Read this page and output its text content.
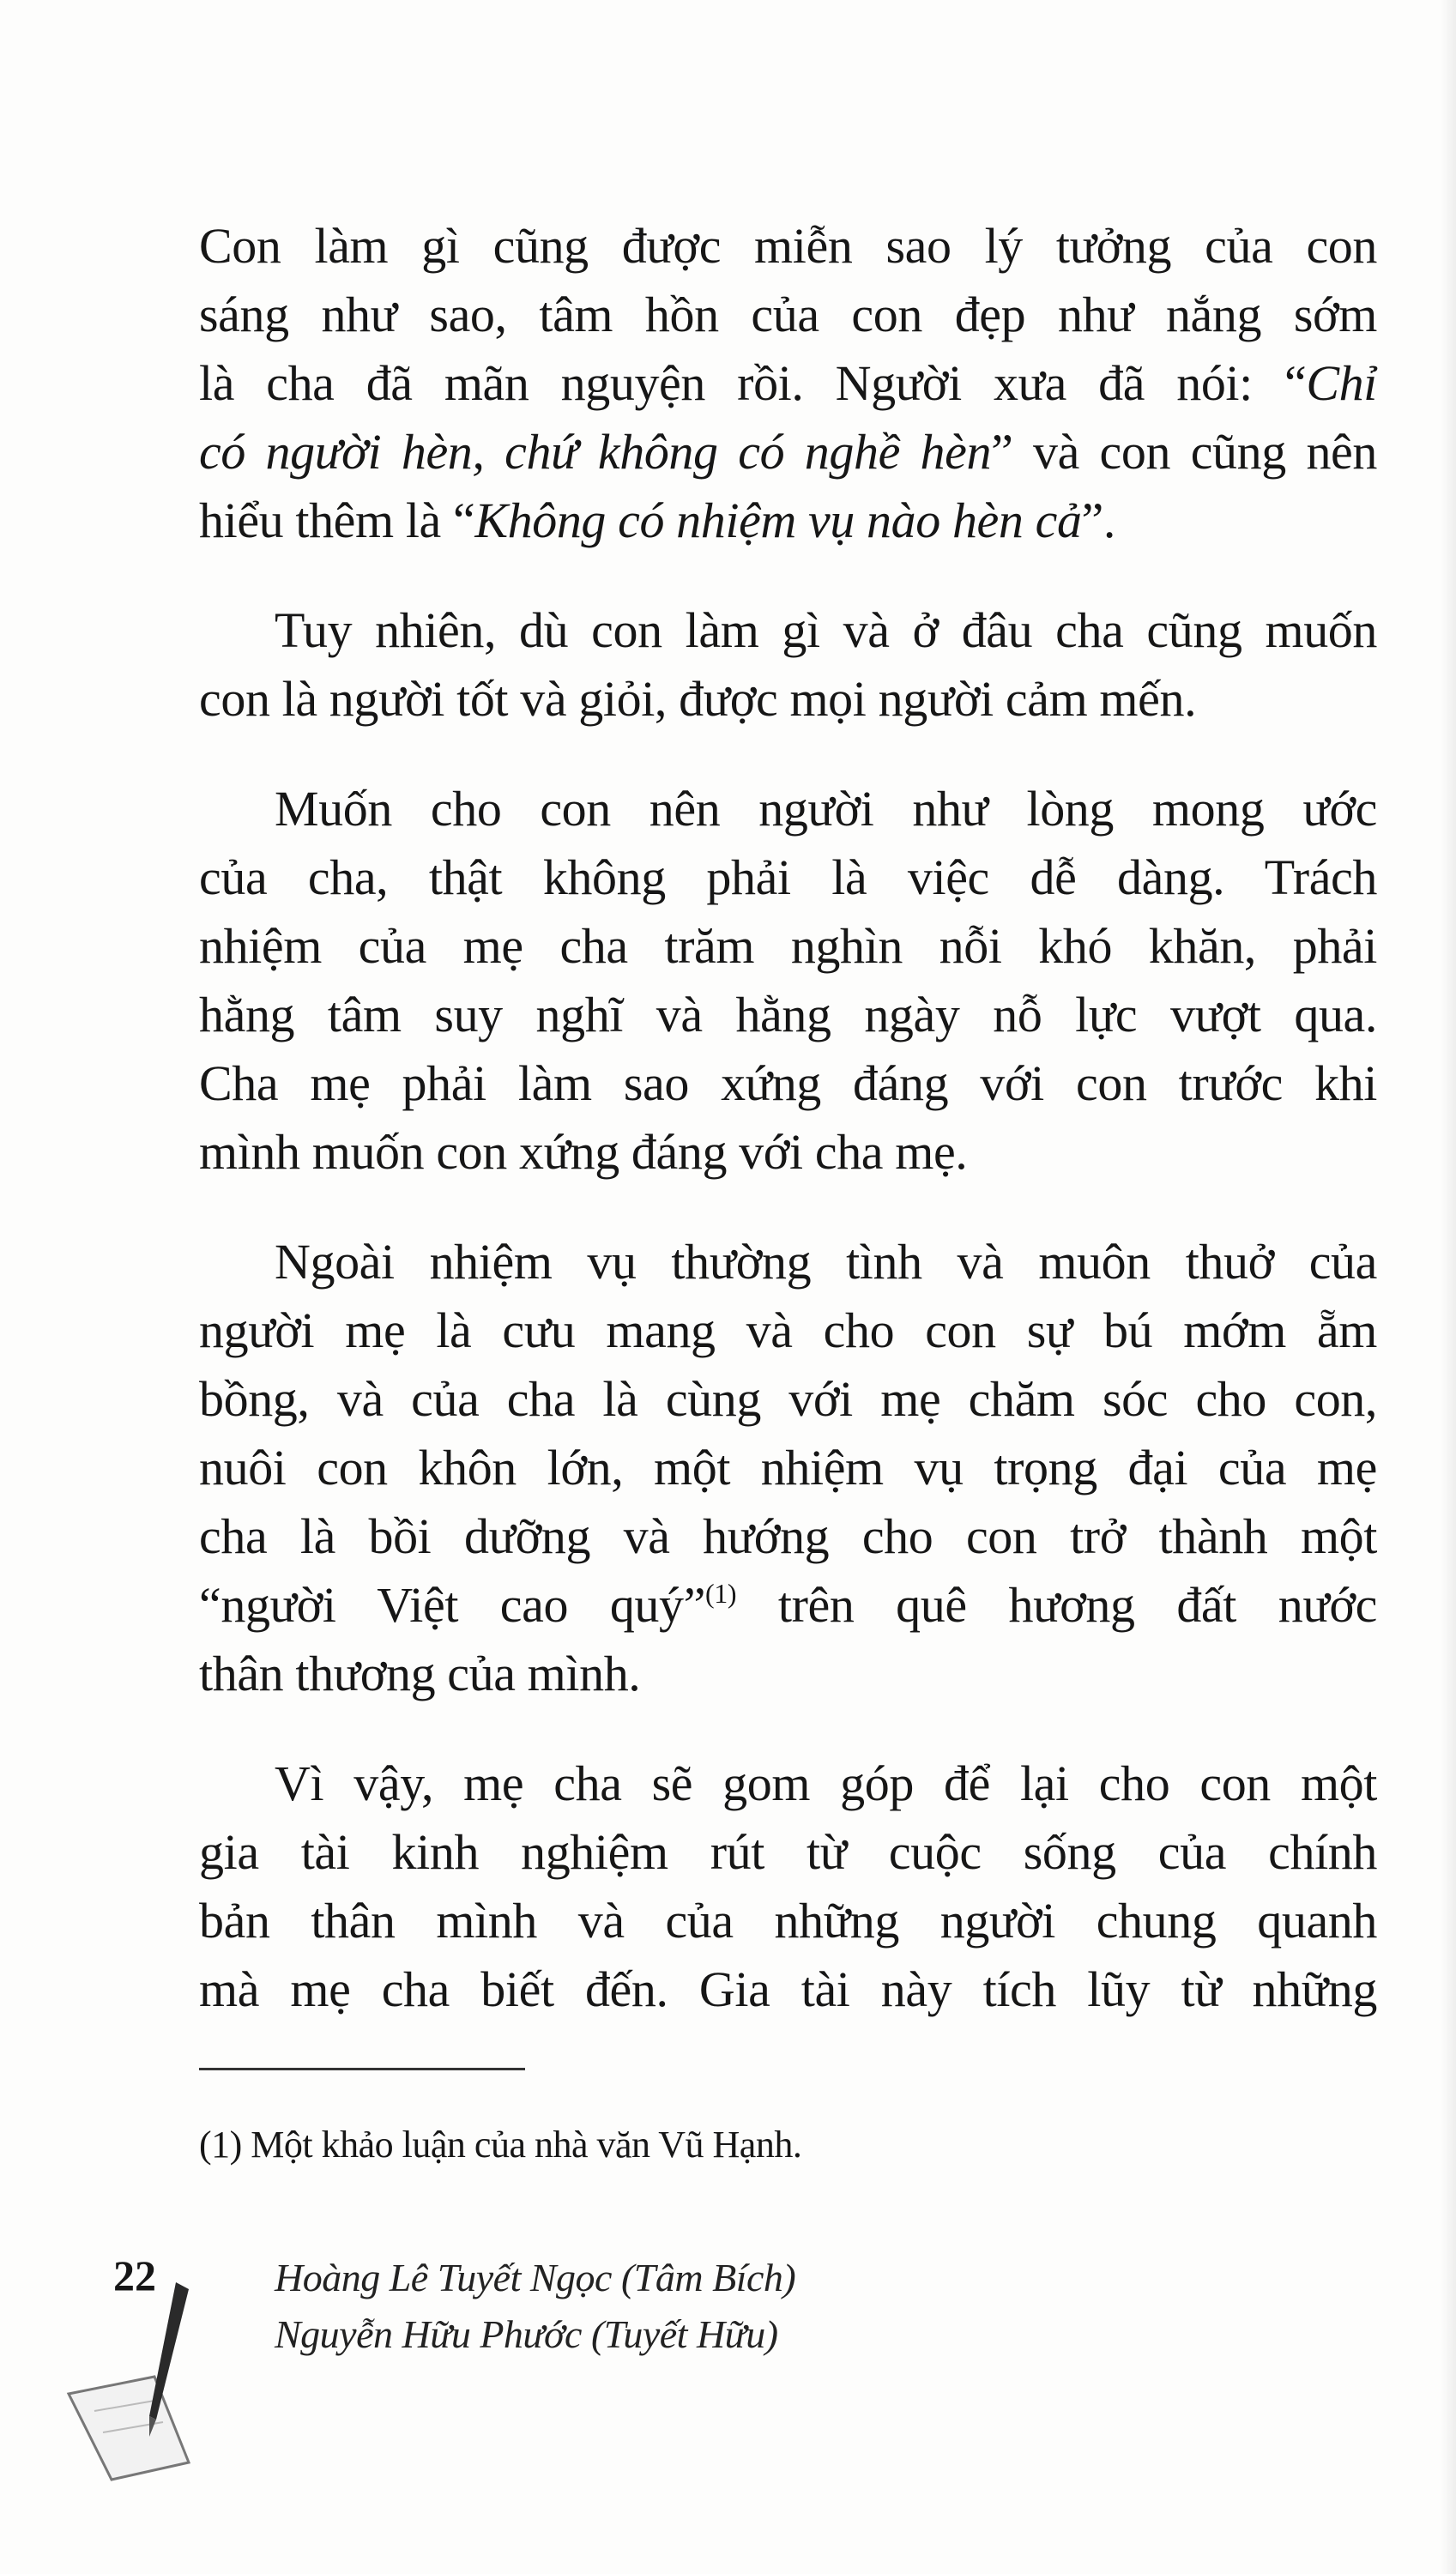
Con làm gì cũng được miễn sao lý tưởng của con
sáng như sao, tâm hồn của con đẹp như nắng sớm
là cha đã mãn nguyện rồi. Người xưa đã nói: “Chỉ
có người hèn, chứ không có nghề hèn” và con cũng nên
hiểu thêm là “Không có nhiệm vụ nào hèn cả”.
Tuy nhiên, dù con làm gì và ở đâu cha cũng muốn
con là người tốt và giỏi, được mọi người cảm mến.
Muốn cho con nên người như lòng mong ước
của cha, thật không phải là việc dễ dàng. Trách
nhiệm của mẹ cha trăm nghìn nỗi khó khăn, phải
hằng tâm suy nghĩ và hằng ngày nỗ lực vượt qua.
Cha mẹ phải làm sao xứng đáng với con trước khi
mình muốn con xứng đáng với cha mẹ.
Ngoài nhiệm vụ thường tình và muôn thuở của
người mẹ là cưu mang và cho con sự bú mớm ẵm
bồng, và của cha là cùng với mẹ chăm sóc cho con,
nuôi con khôn lớn, một nhiệm vụ trọng đại của mẹ
cha là bồi dưỡng và hướng cho con trở thành một
“người Việt cao quý”$^{(1)}$ trên quê hương đất nước
thân thương của mình.
Vì vậy, mẹ cha sẽ gom góp để lại cho con một
gia tài kinh nghiệm rút từ cuộc sống của chính
bản thân mình và của những người chung quanh
mà mẹ cha biết đến. Gia tài này tích lũy từ những
(1) Một khảo luận của nhà văn Vũ Hạnh.
22	Hoàng Lê Tuyết Ngọc (Tâm Bích)
Nguyễn Hữu Phước (Tuyết Hữu)
